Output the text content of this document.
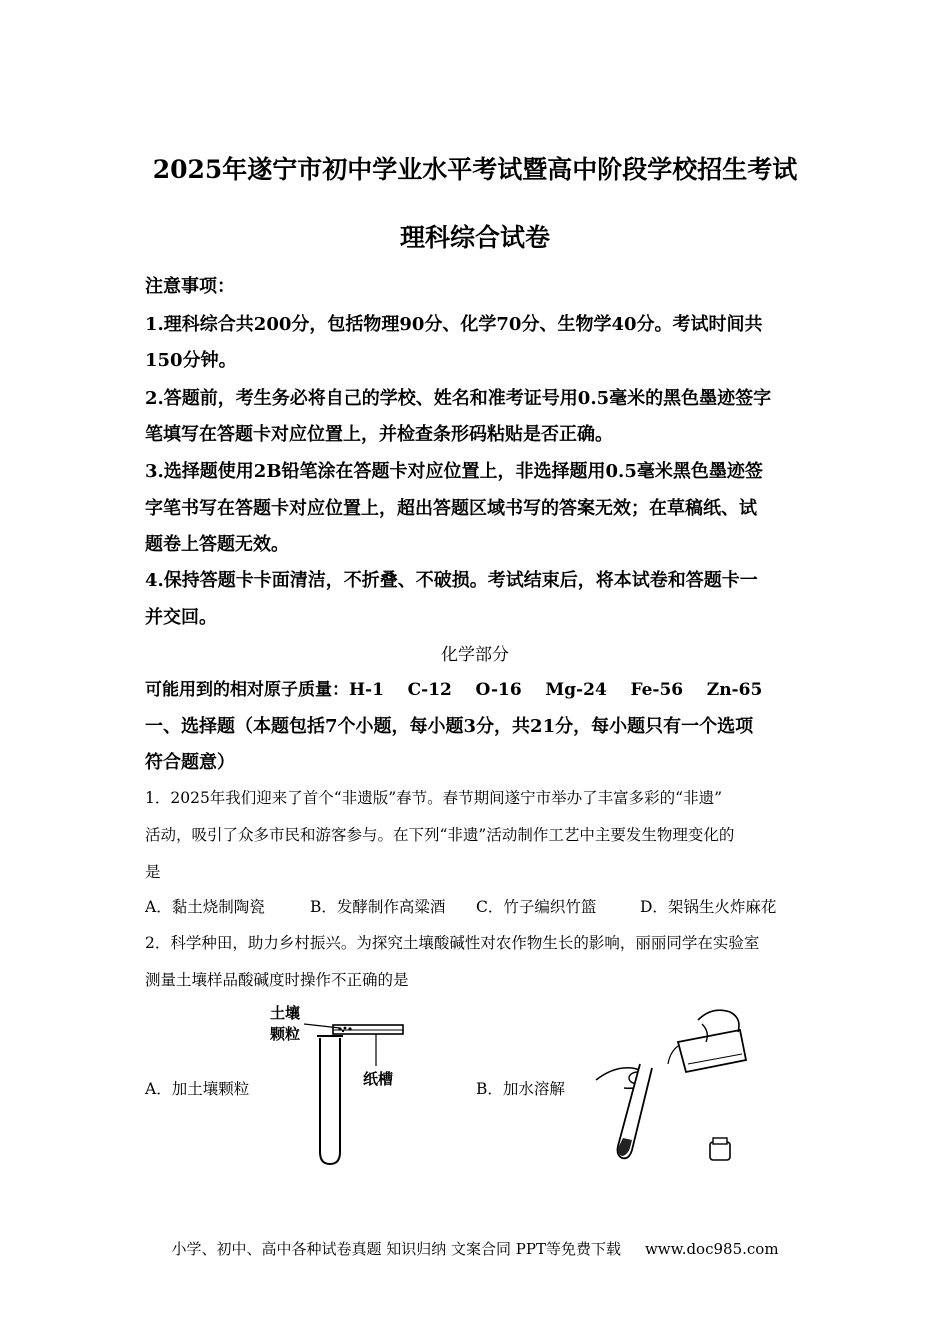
2025年遂宁市初中学业水平考试暨高中阶段学校招生考试
理科综合试卷
注意事项：
1.理科综合共200分，包括物理90分、化学70分、生物学40分。考试时间共
150分钟。
2.答题前，考生务必将自己的学校、姓名和准考证号用0.5毫米的黑色墨迹签字
笔填写在答题卡对应位置上，并检查条形码粘贴是否正确。
3.选择题使用2B铅笔涂在答题卡对应位置上，非选择题用0.5毫米黑色墨迹签
字笔书写在答题卡对应位置上，超出答题区域书写的答案无效；在草稿纸、试
题卷上答题无效。
4.保持答题卡卡面清洁，不折叠、不破损。考试结束后，将本试卷和答题卡一
并交回。
化学部分
可能用到的相对原子质量：H-1    C-12    O-16    Mg-24    Fe-56    Zn-65
一、选择题（本题包括7个小题，每小题3分，共21分，每小题只有一个选项
符合题意）
1．2025年我们迎来了首个“非遗版”春节。春节期间遂宁市举办了丰富多彩的“非遗”
活动，吸引了众多市民和游客参与。在下列“非遗”活动制作工艺中主要发生物理变化的
是
A．黏土烧制陶瓷	B．发酵制作高粱酒 C．竹子编织竹篮	D．架锅生火炸麻花
2．科学种田，助力乡村振兴。为探究土壤酸碱性对农作物生长的影响，丽丽同学在实验室
测量土壤样品酸碱度时操作不正确的是
A．加土壤颗粒	B．加水溶解
土壤
颗粒
纸槽
小学、初中、高中各种试卷真题 知识归纳 文案合同 PPT等免费下载 www.doc985.com
